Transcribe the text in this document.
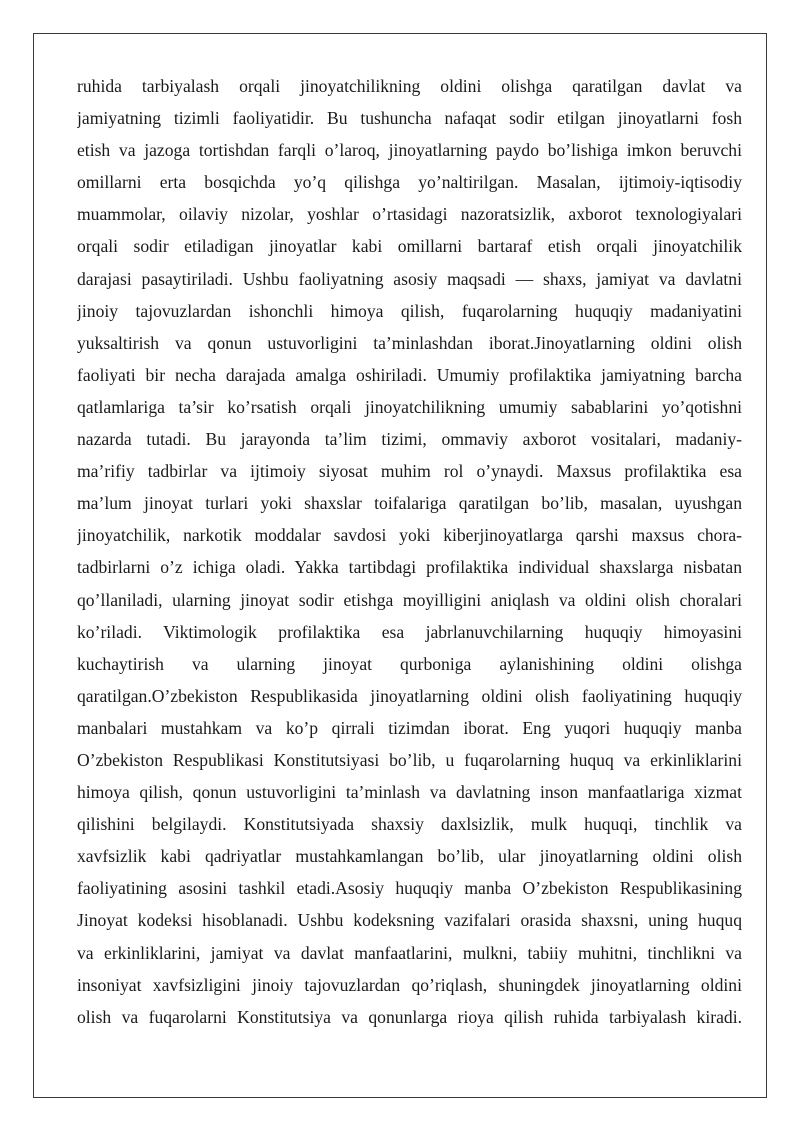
ruhida tarbiyalash orqali jinoyatchilikning oldini olishga qaratilgan davlat va
jamiyatning tizimli faoliyatidir. Bu tushuncha nafaqat sodir etilgan jinoyatlarni fosh
etish va jazoga tortishdan farqli o’laroq, jinoyatlarning paydo bo’lishiga imkon beruvchi
omillarni erta bosqichda yo’q qilishga yo’naltirilgan. Masalan, ijtimoiy-iqtisodiy
muammolar, oilaviy nizolar, yoshlar o’rtasidagi nazoratsizlik, axborot texnologiyalari
orqali sodir etiladigan jinoyatlar kabi omillarni bartaraf etish orqali jinoyatchilik
darajasi pasaytiriladi. Ushbu faoliyatning asosiy maqsadi — shaxs, jamiyat va davlatni
jinoiy tajovuzlardan ishonchli himoya qilish, fuqarolarning huquqiy madaniyatini
yuksaltirish va qonun ustuvorligini ta’minlashdan iborat.Jinoyatlarning oldini olish
faoliyati bir necha darajada amalga oshiriladi. Umumiy profilaktika jamiyatning barcha
qatlamlariga ta’sir ko’rsatish orqali jinoyatchilikning umumiy sabablarini yo’qotishni
nazarda tutadi. Bu jarayonda ta’lim tizimi, ommaviy axborot vositalari, madaniy-
ma’rifiy tadbirlar va ijtimoiy siyosat muhim rol o’ynaydi. Maxsus profilaktika esa
ma’lum jinoyat turlari yoki shaxslar toifalariga qaratilgan bo’lib, masalan, uyushgan
jinoyatchilik, narkotik moddalar savdosi yoki kiberjinoyatlarga qarshi maxsus chora-
tadbirlarni o’z ichiga oladi. Yakka tartibdagi profilaktika individual shaxslarga nisbatan
qo’llaniladi, ularning jinoyat sodir etishga moyilligini aniqlash va oldini olish choralari
ko’riladi. Viktimologik profilaktika esa jabrlanuvchilarning huquqiy himoyasini
kuchaytirish va ularning jinoyat qurboniga aylanishining oldini olishga
qaratilgan.O’zbekiston Respublikasida jinoyatlarning oldini olish faoliyatining huquqiy
manbalari mustahkam va ko’p qirrali tizimdan iborat. Eng yuqori huquqiy manba
O’zbekiston Respublikasi Konstitutsiyasi bo’lib, u fuqarolarning huquq va erkinliklarini
himoya qilish, qonun ustuvorligini ta’minlash va davlatning inson manfaatlariga xizmat
qilishini belgilaydi. Konstitutsiyada shaxsiy daxlsizlik, mulk huquqi, tinchlik va
xavfsizlik kabi qadriyatlar mustahkamlangan bo’lib, ular jinoyatlarning oldini olish
faoliyatining asosini tashkil etadi.Asosiy huquqiy manba O’zbekiston Respublikasining
Jinoyat kodeksi hisoblanadi. Ushbu kodeksning vazifalari orasida shaxsni, uning huquq
va erkinliklarini, jamiyat va davlat manfaatlarini, mulkni, tabiiy muhitni, tinchlikni va
insoniyat xavfsizligini jinoiy tajovuzlardan qo’riqlash, shuningdek jinoyatlarning oldini
olish va fuqarolarni Konstitutsiya va qonunlarga rioya qilish ruhida tarbiyalash kiradi.
